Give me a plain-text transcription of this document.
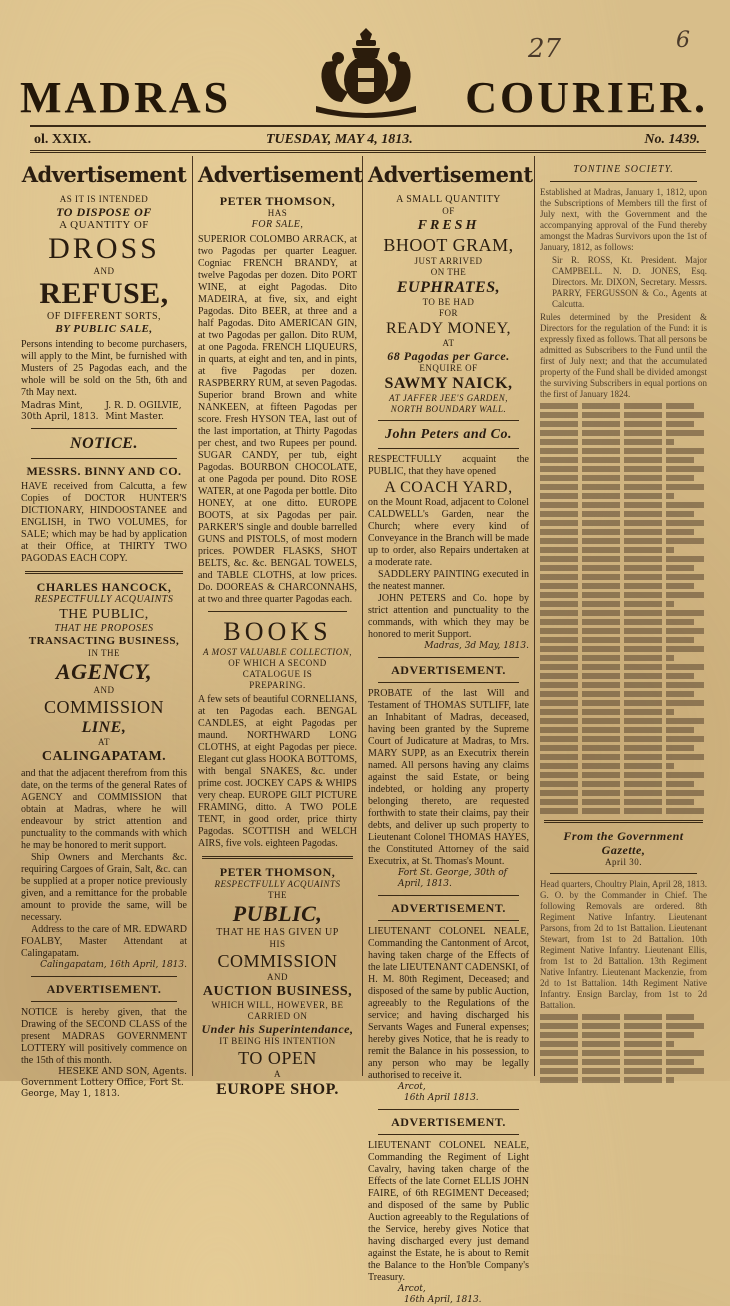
MADRAS	COURIER.
27	6
ol. XXIX.	TUESDAY, MAY 4, 1813.	No. 1439.
Advertisement
AS IT IS INTENDED
TO DISPOSE OF
A QUANTITY OF
DROSS
AND
REFUSE,
OF DIFFERENT SORTS,
BY PUBLIC SALE,
Persons intending to become purchasers, will apply to the Mint, be furnished with Musters of 25 Pagodas each, and the whole will be sold on the 5th, 6th and 7th May next.
Madras Mint, 30th April, 1813.
J. R. D. OGILVIE, Mint Master.
NOTICE.
MESSRS. BINNY AND CO.
HAVE received from Calcutta, a few Copies of DOCTOR HUNTER'S DICTIONARY, HINDOOSTANEE and ENGLISH, in TWO VOLUMES, for SALE; which may be had by application at their Office, at THIRTY TWO PAGODAS EACH COPY.
CHARLES HANCOCK,
RESPECTFULLY ACQUAINTS
THE PUBLIC,
THAT HE PROPOSES
TRANSACTING BUSINESS,
IN THE
AGENCY,
AND
COMMISSION
LINE,
AT
CALINGAPATAM.
and that the adjacent therefrom from this date, on the terms of the general Rates of AGENCY and COMMISSION that obtain at Madras, where he will endeavour by strict attention and punctuality to the commands with which he may be honored to merit support.
Ship Owners and Merchants &c. requiring Cargoes of Grain, Salt, &c. can be supplied at a proper notice previously given, and a remittance for the probable amount to provide the same, will be necessary.
Address to the care of MR. EDWARD FOALBY, Master Attendant at Calingapatam.
Calingapatam, 16th April, 1813.
ADVERTISEMENT.
NOTICE is hereby given, that the Drawing of the SECOND CLASS of the present MADRAS GOVERNMENT LOTTERY will positively commence on the 15th of this month.
HESEKE AND SON, Agents.
Government Lottery Office, Fort St. George, May 1, 1813.
Advertisement
PETER THOMSON,
HAS
FOR SALE,
SUPERIOR COLOMBO ARRACK, at two Pagodas per quarter Leaguer. Cogniac FRENCH BRANDY, at twelve Pagodas per dozen. Dito PORT WINE, at eight Pagodas. Dito MADEIRA, at five, six, and eight Pagodas. Dito BEER, at three and a half Pagodas. Dito AMERICAN GIN, at two Pagodas per gallon. Dito RUM, at one Pagoda. FRENCH LIQUEURS, in quarts, at eight and ten, and in pints, at five Pagodas per dozen. RASPBERRY RUM, at seven Pagodas. Superior brand Brown and white NANKEEN, at fifteen Pagodas per score. Fresh HYSON TEA, last out of the last importation, at Thirty Pagodas per chest, and two Rupees per pound. SUGAR CANDY, per tub, eight Pagodas. BOURBON CHOCOLATE, at one Pagoda per pound. Dito ROSE WATER, at one Pagoda per bottle. Dito HONEY, at one ditto. EUROPE BOOTS, at six Pagodas per pair. PARKER'S single and double barrelled GUNS and PISTOLS, of most modern prices. POWDER FLASKS, SHOT BELTS, &c. &c. BENGAL TOWELS, and TABLE CLOTHS, at low prices. Do. DOOREAS & CHARCONNAHS, at two and three quarter Pagodas each.
BOOKS
A MOST VALUABLE COLLECTION,
OF WHICH A SECOND CATALOGUE IS
PREPARING.
A few sets of beautiful CORNELIANS, at ten Pagodas each. BENGAL CANDLES, at eight Pagodas per maund. NORTHWARD LONG CLOTHS, at eight Pagodas per piece. Elegant cut glass HOOKA BOTTOMS, with bengal SNAKES, &c. under prime cost. JOCKEY CAPS & WHIPS very cheap. EUROPE GILT PICTURE FRAMING, ditto. A TWO POLE TENT, in good order, price thirty Pagodas. SCOTTISH and WELCH AIRS, five vols. eighteen Pagodas.
PETER THOMSON,
RESPECTFULLY ACQUAINTS
THE
PUBLIC,
THAT HE HAS GIVEN UP
HIS
COMMISSION
AND
AUCTION BUSINESS,
WHICH WILL, HOWEVER, BE
CARRIED ON
Under his Superintendance,
IT BEING HIS INTENTION
TO OPEN
A
EUROPE SHOP.
Advertisement
A SMALL QUANTITY
OF
FRESH
BHOOT GRAM,
JUST ARRIVED
ON THE
EUPHRATES,
TO BE HAD
FOR
READY MONEY,
AT
68 Pagodas per Garce.
ENQUIRE OF
SAWMY NAICK,
AT JAFFER JEE'S GARDEN,
NORTH BOUNDARY WALL.
John Peters and Co.
RESPECTFULLY acquaint the PUBLIC, that they have opened
A COACH YARD,
on the Mount Road, adjacent to Colonel CALDWELL's Garden, near the Church; where every kind of Conveyance in the Branch will be made up to order, also Repairs undertaken at a moderate rate.
SADDLERY PAINTING executed in the neatest manner.
JOHN PETERS and Co. hope by strict attention and punctuality to the commands, with which they may be honored to merit Support.
Madras, 3d May, 1813.
ADVERTISEMENT.
PROBATE of the last Will and Testament of THOMAS SUTLIFF, late an Inhabitant of Madras, deceased, having been granted by the Supreme Court of Judicature at Madras, to Mrs. MARY SUPP, as an Executrix therein named. All persons having any claims against the said Estate, or being indebted, or holding any property belonging thereto, are requested forthwith to state their claims, pay their debts, and deliver up such property to Lieutenant Colonel THOMAS HAYES, the Constituted Attorney of the said Executrix, at St. Thomas's Mount.
Fort St. George, 30th of April, 1813.
ADVERTISEMENT.
LIEUTENANT COLONEL NEALE, Commanding the Cantonment of Arcot, having taken charge of the Effects of the late LIEUTENANT CADENSKI, of H. M. 80th Regiment, Deceased; and disposed of the same by public Auction, agreeably to the Regulations of the service; and having discharged his Servants Wages and Funeral expenses; hereby gives Notice, that he is ready to remit the Balance in his possession, to any person who may be legally authorised to receive it.
Arcot,
16th April 1813.
ADVERTISEMENT.
LIEUTENANT COLONEL NEALE, Commanding the Regiment of Light Cavalry, having taken charge of the Effects of the late Cornet ELLIS JOHN FAIRE, of 6th REGIMENT Deceased; and disposed of the same by Public Auction agreeably to the Regulations of the Service, hereby gives Notice that having discharged every just demand against the Estate, he is about to Remit the Balance to the Hon'ble Company's Treasury.
Arcot,
16th April, 1813.
TONTINE SOCIETY.
Established at Madras, January 1, 1812, upon the Subscriptions of Members till the first of July next, with the Government and the accompanying approval of the Fund thereby amongst the Madras Survivors upon the 1st of January, 1812, as follows:
Sir R. ROSS, Kt. President. Major CAMPBELL. N. D. JONES, Esq. Directors. Mr. DIXON, Secretary. Messrs. PARRY, FERGUSSON & Co., Agents at Calcutta.
Rules determined by the President & Directors for the regulation of the Fund: it is expressly fixed as follows. That all persons be admitted as Subscribers to the Fund until the first of July next; and that the accumulated property of the Fund shall be divided amongst the surviving Subscribers in equal portions on the first of January 1824.
From the Government Gazette,
April 30.
Head quarters, Choultry Plain, April 28, 1813. G. O. by the Commander in Chief. The following Removals are ordered. 8th Regiment Native Infantry. Lieutenant Parsons, from 2d to 1st Battalion. Lieutenant Stewart, from 1st to 2d Battalion. 10th Regiment Native Infantry. Lieutenant Ellis, from 1st to 2d Battalion. 13th Regiment Native Infantry. Lieutenant Mackenzie, from 2d to 1st Battalion. 14th Regiment Native Infantry. Ensign Barclay, from 1st to 2d Battalion.
